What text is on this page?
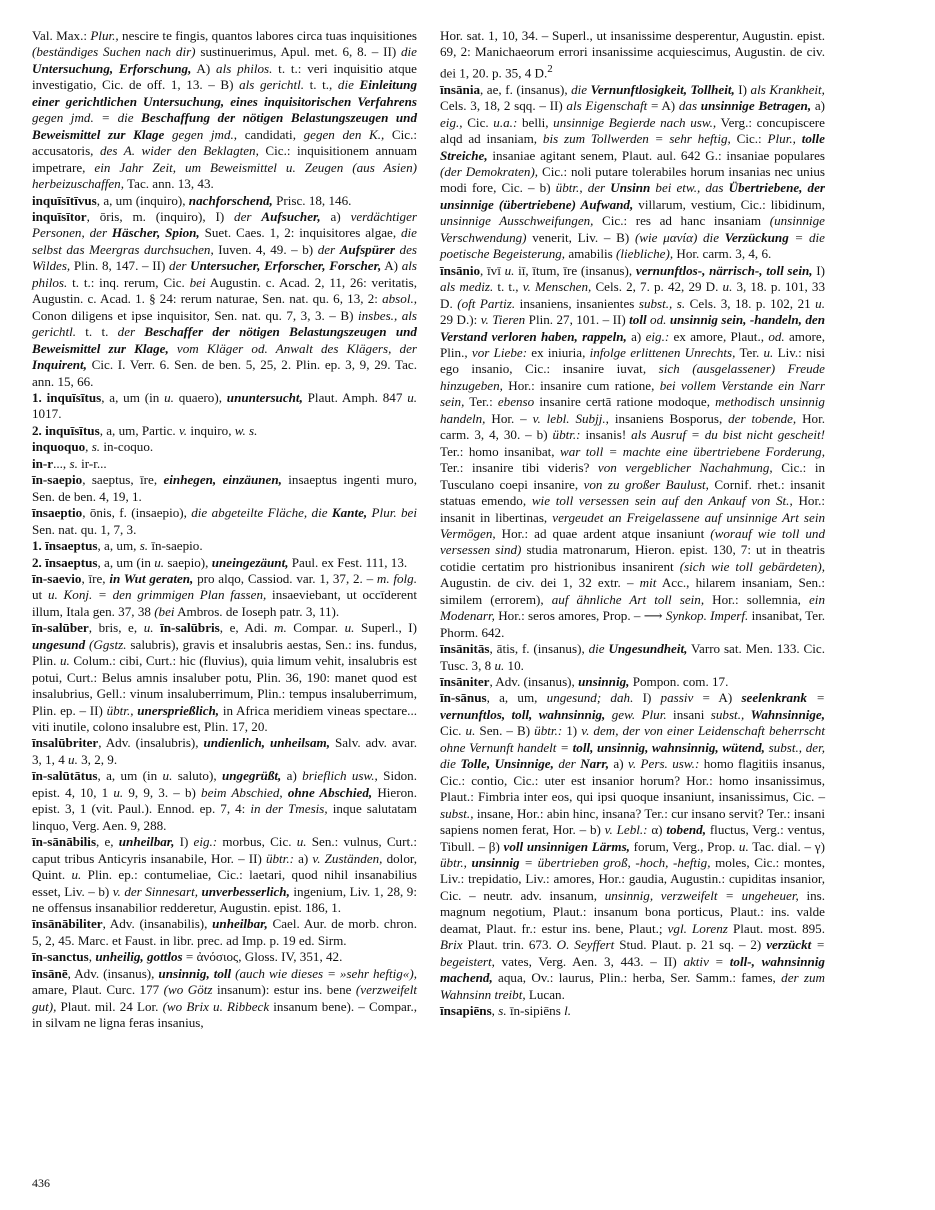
Val. Max.: Plur., nescire te fingis, quantos labores circa tuas inquisitiones (beständiges Suchen nach dir) sustinuerimus, Apul. met. 6, 8. – II) die Untersuchung, Erforschung, A) als philos. t. t.: veri inquisitio atque investigatio, Cic. de off. 1, 13. – B) als gerichtl. t. t., die Einleitung einer gerichtlichen Untersuchung, eines inquisitorischen Verfahrens gegen jmd. = die Beschaffung der nötigen Belastungszeugen und Beweismittel zur Klage gegen jmd., candidati, gegen den K., Cic.: accusatoris, des A. wider den Beklagten, Cic.: inquisitionem annuam impetrare, ein Jahr Zeit, um Beweismittel u. Zeugen (aus Asien) herbeizuschaffen, Tac. ann. 13, 43.

inquīsītīvus, a, um (inquiro), nachforschend, Prisc. 18, 146.

inquīsītor, ōris, m. (inquiro), I) der Aufsucher, a) verdächtiger Personen, der Häscher, Spion, Suet. Caes. 1, 2: inquisitores algae, die selbst das Meergras durchsuchen, Iuven. 4, 49. – b) der Aufspürer des Wildes, Plin. 8, 147. – II) der Untersucher, Erforscher, Forscher, A) als philos. t. t.: inq. rerum, Cic. bei Augustin. c. Acad. 2, 11, 26: veritatis, Augustin. c. Acad. 1. § 24: rerum naturae, Sen. nat. qu. 6, 13, 2: absol., Conon diligens et ipse inquisitor, Sen. nat. qu. 7, 3, 3. – B) insbes., als gerichtl. t. t. der Beschaffer der nötigen Belastungszeugen und Beweismittel zur Klage, vom Kläger od. Anwalt des Klägers, der Inquirent, Cic. I. Verr. 6. Sen. de ben. 5, 25, 2. Plin. ep. 3, 9, 29. Tac. ann. 15, 66.

1. inquīsītus, a, um (in u. quaero), ununtersucht, Plaut. Amph. 847 u. 1017.

2. inquīsītus, a, um, Partic. v. inquiro, w. s.

inquoquo, s. in-coquo.

in-r..., s. ir-r...

īn-saepio, saeptus, īre, einhegen, einzäunen, insaeptus ingenti muro, Sen. de ben. 4, 19, 1.

īnsaeptio, ōnis, f. (insaepio), die abgeteilte Fläche, die Kante, Plur. bei Sen. nat. qu. 1, 7, 3.

1. īnsaeptus, a, um, s. īn-saepio.

2. īnsaeptus, a, um (in u. saepio), uneingezäunt, Paul. ex Fest. 111, 13.

īn-saevio, īre, in Wut geraten, pro alqo, Cassiod. var. 1, 37, 2. – m. folg. ut u. Konj. = den grimmigen Plan fassen, insaeviebant, ut occīderent illum, Itala gen. 37, 38 (bei Ambros. de Ioseph patr. 3, 11).

īn-salūber, bris, e, u. īn-salūbris, e, Adi. m. Compar. u. Superl., I) ungesund (Ggstz. salubris), gravis et insalubris aestas, Sen.: ins. fundus, Plin. u. Colum.: cibi, Curt.: hic (fluvius), quia limum vehit, insalubris est potui, Curt.: Belus amnis insaluber potu, Plin. 36, 190: manet quod est insalubrius, Gell.: vinum insaluberrimum, Plin.: tempus insaluberrimum, Plin. ep. – II) übtr., unersprießlich, in Africa meridiem vineas spectare... viti inutile, colono insalubre est, Plin. 17, 20.

īnsalūbriter, Adv. (insalubris), undienlich, unheilsam, Salv. adv. avar. 3, 1, 4 u. 3, 2, 9.

īn-salūtātus, a, um (in u. saluto), ungegrüßt, a) brieflich usw., Sidon. epist. 4, 10, 1 u. 9, 9, 3. – b) beim Abschied, ohne Abschied, Hieron. epist. 3, 1 (vit. Paul.). Ennod. ep. 7, 4: in der Tmesis, inque salutatam linquo, Verg. Aen. 9, 288.

īn-sānābilis, e, unheilbar, I) eig.: morbus, Cic. u. Sen.: vulnus, Curt.: caput tribus Anticyris insanabile, Hor. – II) übtr.: a) v. Zuständen, dolor, Quint. u. Plin. ep.: contumeliae, Cic.: laetari, quod nihil insanabilius esset, Liv. – b) v. der Sinnesart, unverbesserlich, ingenium, Liv. 1, 28, 9: ne offensus insanabilior redderetur, Augustin. epist. 186, 1.

īnsānābiliter, Adv. (insanabilis), unheilbar, Cael. Aur. de morb. chron. 5, 2, 45. Marc. et Faust. in libr. prec. ad Imp. p. 19 ed. Sirm.

īn-sanctus, unheilig, gottlos = ἀνόσιος, Gloss. IV, 351, 42.

īnsānē, Adv. (insanus), unsinnig, toll (auch wie dieses = »sehr heftig«), amare, Plaut. Curc. 177 (wo Götz insanum): estur ins. bene (verzweifelt gut), Plaut. mil. 24 Lor. (wo Brix u. Ribbeck insanum bene). – Compar., in silvam ne ligna feras insanius,

Hor. sat. 1, 10, 34. – Superl., ut insanissime desperentur, Augustin. epist. 69, 2: Manichaeorum errori insanissime acquiescimus, Augustin. de civ. dei 1, 20. p. 35, 4 D.$^2$

īnsānia, ae, f. (insanus), die Vernunftlosigkeit, Tollheit, I) als Krankheit, Cels. 3, 18, 2 sqq. – II) als Eigenschaft = A) das unsinnige Betragen, a) eig., Cic. u.a.: belli, unsinnige Begierde nach usw., Verg.: concupiscere alqd ad insaniam, bis zum Tollwerden = sehr heftig, Cic.: Plur., tolle Streiche, insaniae agitant senem, Plaut. aul. 642 G.: insaniae populares (der Demokraten), Cic.: noli putare tolerabiles horum insanias nec unius modi fore, Cic. – b) übtr., der Unsinn bei etw., das Übertriebene, der unsinnige (übertriebene) Aufwand, villarum, vestium, Cic.: libidinum, unsinnige Ausschweifungen, Cic.: res ad hanc insaniam (unsinnige Verschwendung) venerit, Liv. – B) (wie μανία) die Verzückung = die poetische Begeisterung, amabilis (liebliche), Hor. carm. 3, 4, 6.

īnsānio, īvī u. iī, ītum, īre (insanus), vernunftlos-, närrisch-, toll sein, I) als mediz. t. t., v. Menschen, Cels. 2, 7. p. 42, 29 D. u. 3, 18. p. 101, 33 D. (oft Partiz. insaniens, insanientes subst., s. Cels. 3, 18. p. 102, 21 u. 29 D.): v. Tieren Plin. 27, 101. – II) toll od. unsinnig sein, -handeln, den Verstand verloren haben, rappeln, a) eig.: ex amore, Plaut., od. amore, Plin., vor Liebe: ex iniuria, infolge erlittenen Unrechts, Ter. u. Liv.: nisi ego insanio, Cic.: insanire iuvat, sich (ausgelassener) Freude hinzugeben, Hor.: insanire cum ratione, bei vollem Verstande ein Narr sein, Ter.: ebenso insanire certā ratione modoque, methodisch unsinnig handeln, Hor. – v. lebl. Subjj., insaniens Bosporus, der tobende, Hor. carm. 3, 4, 30. – b) übtr.: insanis! als Ausruf = du bist nicht gescheit! Ter.: homo insanibat, war toll = machte eine übertriebene Forderung, Ter.: insanire tibi videris? von vergeblicher Nachahmung, Cic.: in Tusculano coepi insanire, von zu großer Baulust, Cornif. rhet.: insanit statuas emendo, wie toll versessen sein auf den Ankauf von St., Hor.: insanit in libertinas, vergeudet an Freigelassene auf unsinnige Art sein Vermögen, Hor.: ad quae ardent atque insaniunt (worauf wie toll und versessen sind) studia matronarum, Hieron. epist. 130, 7: ut in theatris cotidie certatim pro histrionibus insanirent (sich wie toll gebärdeten), Augustin. de civ. dei 1, 32 extr. – mit Acc., hilarem insaniam, Sen.: similem (errorem), auf ähnliche Art toll sein, Hor.: sollemnia, ein Modenarr, Hor.: seros amores, Prop. – ⟶ Synkop. Imperf. insanibat, Ter. Phorm. 642.

īnsānitās, ātis, f. (insanus), die Ungesundheit, Varro sat. Men. 133. Cic. Tusc. 3, 8 u. 10.

īnsāniter, Adv. (insanus), unsinnig, Pompon. com. 17.

īn-sānus, a, um, ungesund; dah. I) passiv = A) seelenkrank = vernunftlos, toll, wahnsinnig, gew. Plur. insani subst., Wahnsinnige, Cic. u. Sen. – B) übtr.: 1) v. dem, der von einer Leidenschaft beherrscht ohne Vernunft handelt = toll, unsinnig, wahnsinnig, wütend, subst., der, die Tolle, Unsinnige, der Narr, a) v. Pers. usw.: homo flagitiis insanus, Cic.: contio, Cic.: uter est insanior horum? Hor.: homo insanissimus, Plaut.: Fimbria inter eos, qui ipsi quoque insaniunt, insanissimus, Cic. – subst., insane, Hor.: abin hinc, insana? Ter.: cur insano servit? Ter.: insani sapiens nomen ferat, Hor. – b) v. Lebl.: α) tobend, fluctus, Verg.: ventus, Tibull. – β) voll unsinnigen Lärms, forum, Verg., Prop. u. Tac. dial. – γ) übtr., unsinnig = übertrieben groß, -hoch, -heftig, moles, Cic.: montes, Liv.: trepidatio, Liv.: amores, Hor.: gaudia, Augustin.: cupiditas insanior, Cic. – neutr. adv. insanum, unsinnig, verzweifelt = ungeheuer, ins. magnum negotium, Plaut.: insanum bona porticus, Plaut.: ins. valde deamat, Plaut. fr.: estur ins. bene, Plaut.; vgl. Lorenz Plaut. most. 895. Brix Plaut. trin. 673. O. Seyffert Stud. Plaut. p. 21 sq. – 2) verzückt = begeistert, vates, Verg. Aen. 3, 443. – II) aktiv = toll-, wahnsinnig machend, aqua, Ov.: laurus, Plin.: herba, Ser. Samm.: fames, der zum Wahnsinn treibt, Lucan.

īnsapiēns, s. īn-sipiēns l.

436
